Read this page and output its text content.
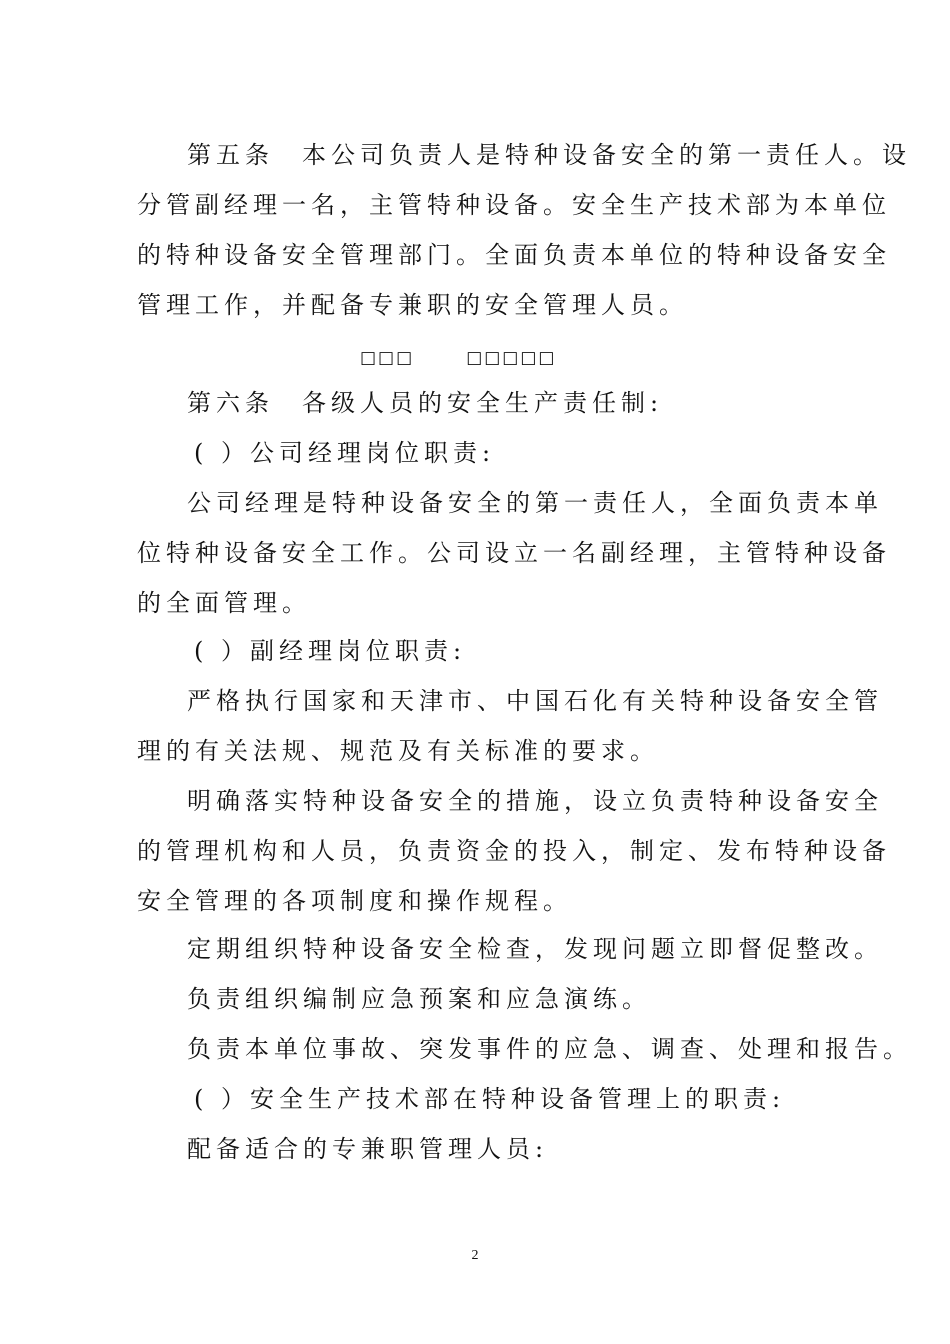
第五条 本公司负责人是特种设备安全的第一责任人。设
分管副经理一名，主管特种设备。安全生产技术部为本单位
的特种设备安全管理部门。全面负责本单位的特种设备安全
管理工作，并配备专兼职的安全管理人员。
□□□	□□□□□
第六条 各级人员的安全生产责任制:
( ）公司经理岗位职责:
公司经理是特种设备安全的第一责任人，全面负责本单
位特种设备安全工作。公司设立一名副经理，主管特种设备
的全面管理。
( ）副经理岗位职责:
严格执行国家和天津市、中国石化有关特种设备安全管
理的有关法规、规范及有关标准的要求。
明确落实特种设备安全的措施，设立负责特种设备安全
的管理机构和人员，负责资金的投入，制定、发布特种设备
安全管理的各项制度和操作规程。
定期组织特种设备安全检查，发现问题立即督促整改。
负责组织编制应急预案和应急演练。
负责本单位事故、突发事件的应急、调查、处理和报告。
( ）安全生产技术部在特种设备管理上的职责:
配备适合的专兼职管理人员:
2
